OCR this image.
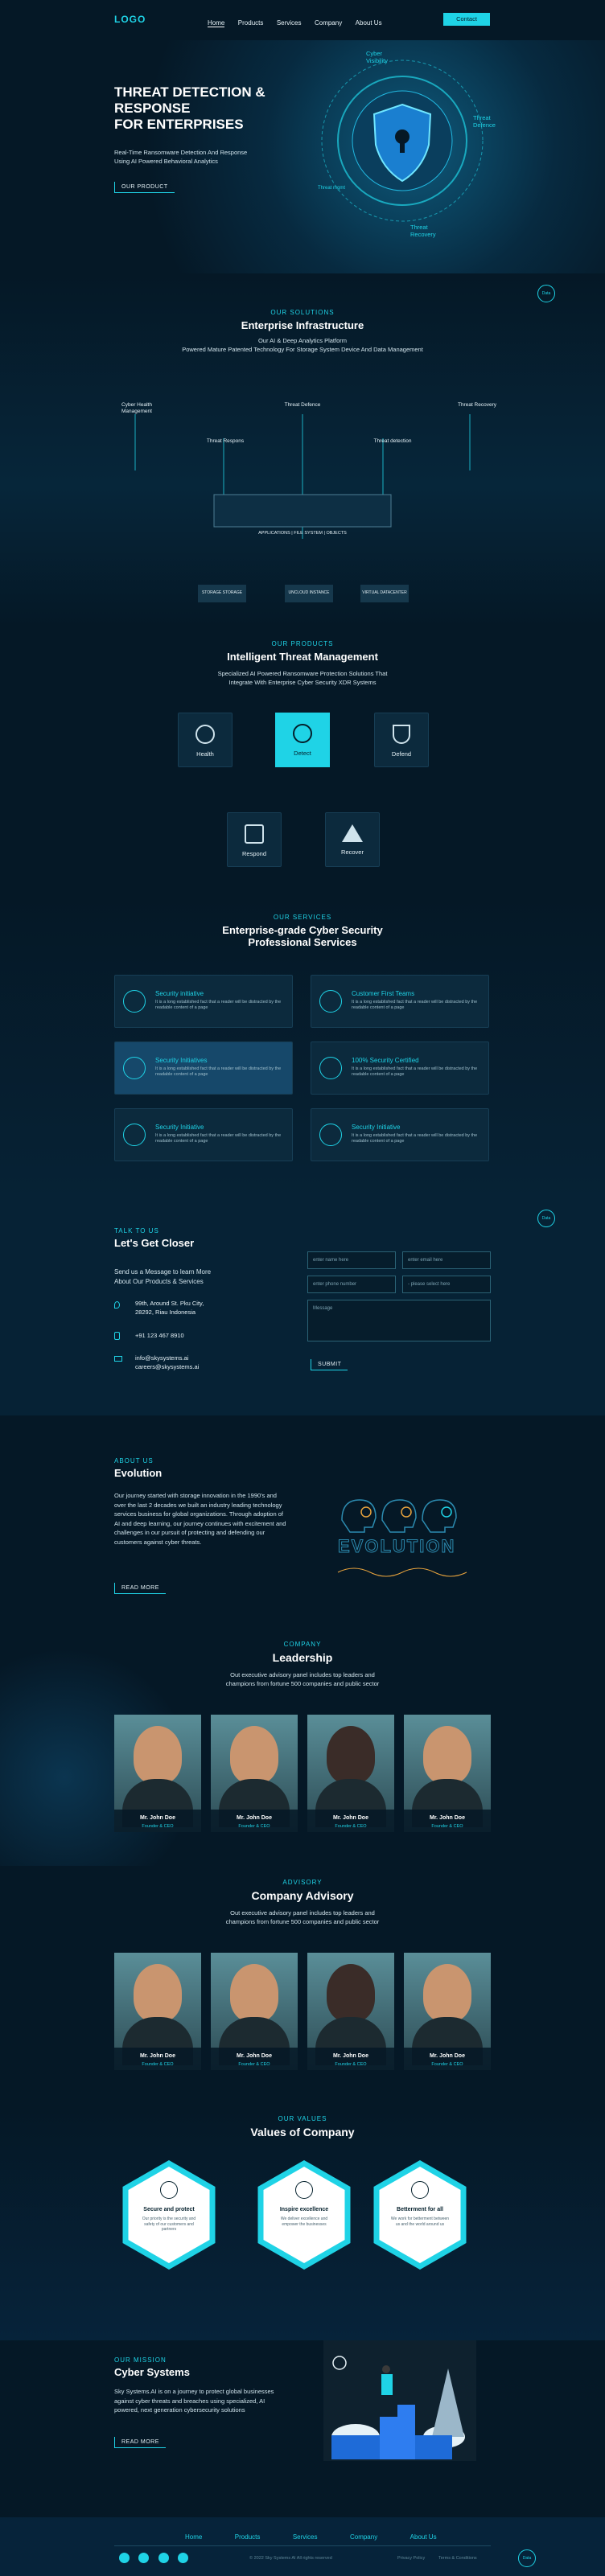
LOGO	Home Products Services Company About Us
Contact
THREAT DETECTION &
RESPONSE
FOR ENTERPRISES
Real-Time Ransomware Detection And Response
Using AI Powered Behavioral Analytics
OUR PRODUCT
Cyber Visibility
Threat Defence
Threat Recovery
Threat mgmt
Data
OUR SOLUTIONS
Enterprise Infrastructure
Our AI & Deep Analytics Platform
Powered Mature Patented Technology For Storage System Device And Data Management
Cyber Health Management
Threat Respons
Threat Defence
Threat detection
Threat Recovery
APPLICATIONS | FILE SYSTEM | OBJECTS
STORAGE STORAGE	UNCLOUD INSTANCE	VIRTUAL DATACENTER
OUR PRODUCTS
Intelligent Threat Management
Specialized AI Powered Ransomware Protection Solutions That
Integrate With Enterprise Cyber Security XDR Systems
Health	Detect	Defend
Respond	Recover
OUR SERVICES
Enterprise-grade Cyber Security
Professional Services
Security initiative
It is a long established fact that a reader will be distracted by the readable content of a page
Customer First Teams
It is a long established fact that a reader will be distracted by the readable content of a page
Security Initiatives
It is a long established fact that a reader will be distracted by the readable content of a page
100% Security Certified
It is a long established fact that a reader will be distracted by the readable content of a page
Security Initiative
It is a long established fact that a reader will be distracted by the readable content of a page
Security Initiative
It is a long established fact that a reader will be distracted by the readable content of a page
Data
TALK TO US
Let's Get Closer
Send us a Message to learn More
About Our Products & Services
99th, Around St. Pku City,
28292, Riau Indonesia
+91 123 467 8910
info@skysystems.ai
careers@skysystems.ai
enter name here	enter email here
enter phone number	- please select here
Message
SUBMIT
ABOUT US
Evolution
Our journey started with storage innovation in the 1990's and over the last 2 decades we built an industry leading technology services business for global organizations. Through adoption of AI and deep learning, our journey continues with excitement and challenges in our pursuit of protecting and defending our customers against cyber threats.
READ MORE
EVOLUTION
COMPANY
Leadership
Out executive advisory panel includes top leaders and
champions from fortune 500 companies and public sector
Mr. John Doe
Founder & CEO
Mr. John Doe
Founder & CEO
Mr. John Doe
Founder & CEO
Mr. John Doe
Founder & CEO
ADVISORY
Company Advisory
Out executive advisory panel includes top leaders and
champions from fortune 500 companies and public sector
Mr. John Doe
Founder & CEO
Mr. John Doe
Founder & CEO
Mr. John Doe
Founder & CEO
Mr. John Doe
Founder & CEO
OUR VALUES
Values of Company
Secure and protect
Our priority is the security and safety of our customers and partners
Inspire excellence
We deliver excellence and empower the businesses
Betterment for all
We work for betterment between us and the world around us
OUR MISSION
Cyber Systems
Sky Systems.AI is on a journey to protect global businesses against cyber threats and breaches using specialized, AI powered, next generation cybersecurity solutions
READ MORE
Home	Products	Services	Company	About Us

© 2022 Sky Systems AI All rights reserved	Privacy Policy	Terms & Conditions	Data
